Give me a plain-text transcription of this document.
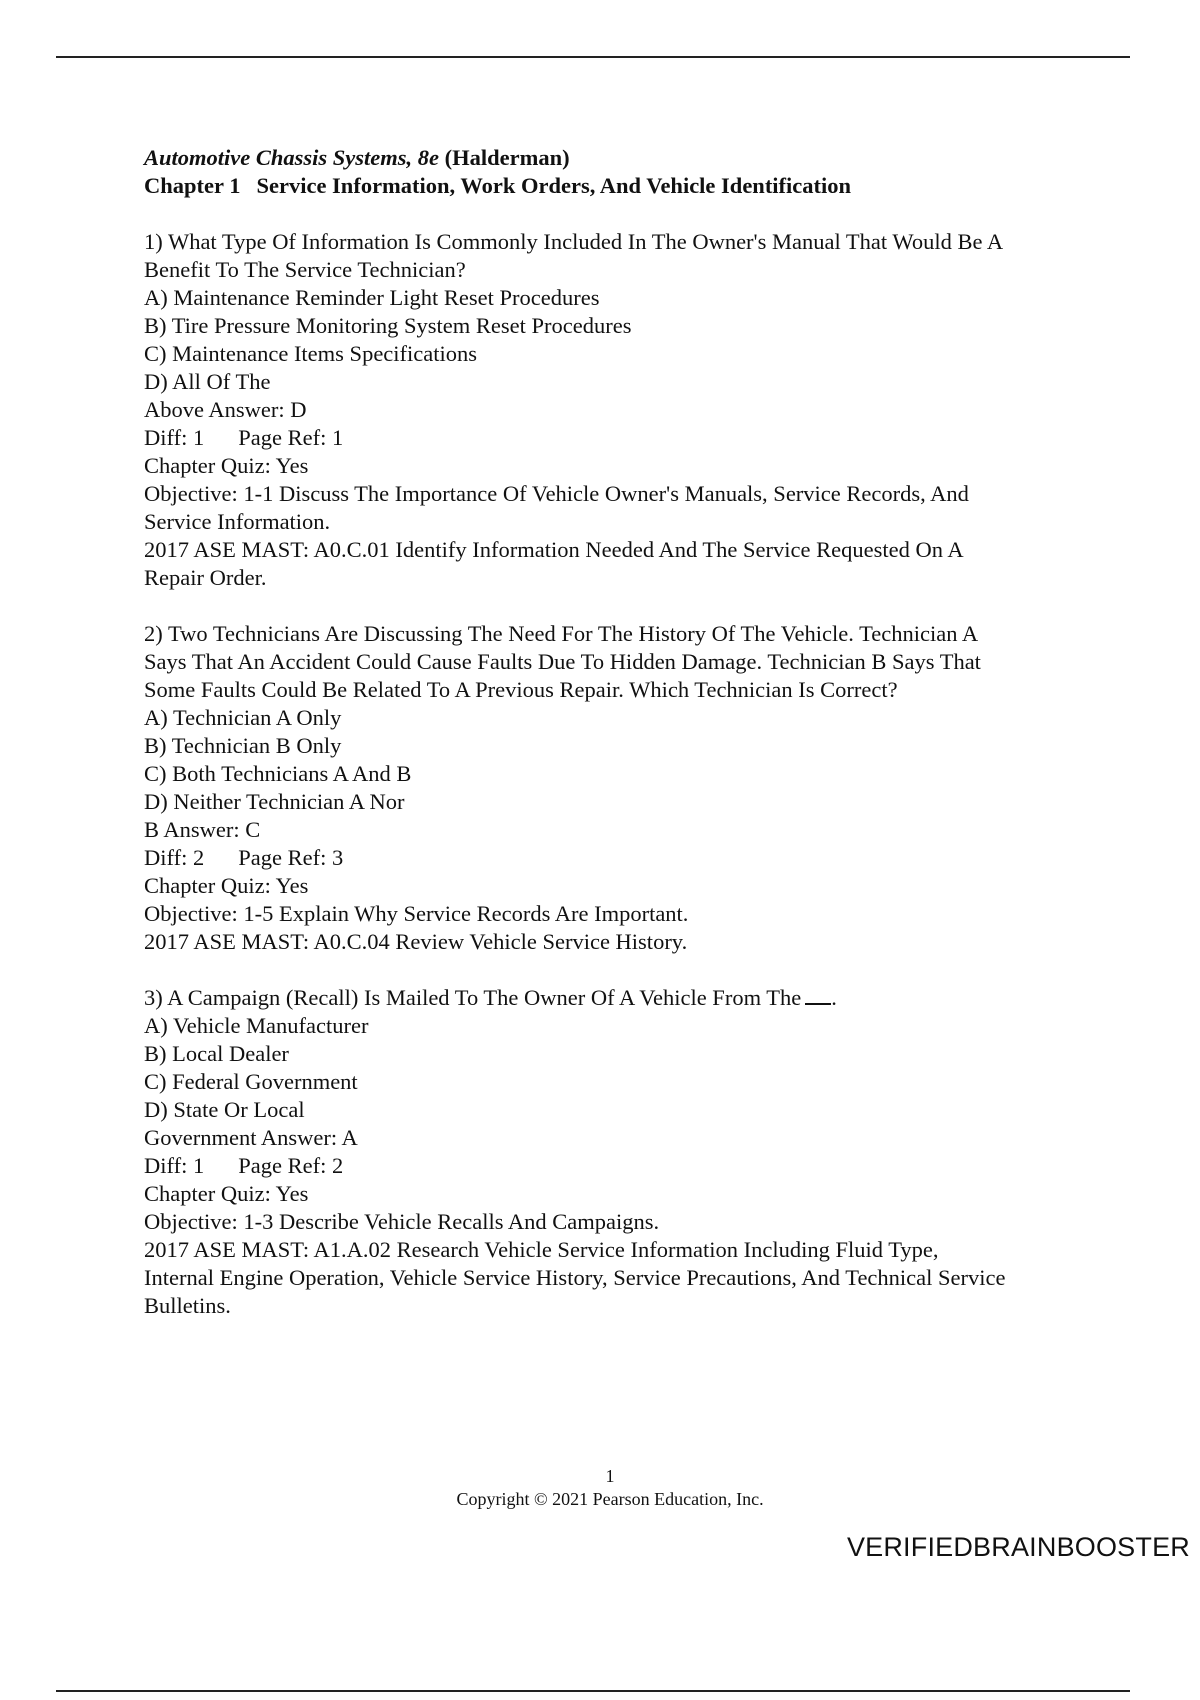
Automotive Chassis Systems, 8e (Halderman)
Chapter 1 Service Information, Work Orders, And Vehicle Identification
1) What Type Of Information Is Commonly Included In The Owner's Manual That Would Be A
Benefit To The Service Technician?
A) Maintenance Reminder Light Reset Procedures
B) Tire Pressure Monitoring System Reset Procedures
C) Maintenance Items Specifications
D) All Of The
Above Answer: D
Diff: 1 Page Ref: 1
Chapter Quiz: Yes
Objective: 1-1 Discuss The Importance Of Vehicle Owner's Manuals, Service Records, And
Service Information.
2017 ASE MAST: A0.C.01 Identify Information Needed And The Service Requested On A
Repair Order.
2) Two Technicians Are Discussing The Need For The History Of The Vehicle. Technician A
Says That An Accident Could Cause Faults Due To Hidden Damage. Technician B Says That
Some Faults Could Be Related To A Previous Repair. Which Technician Is Correct?
A) Technician A Only
B) Technician B Only
C) Both Technicians A And B
D) Neither Technician A Nor
B Answer: C
Diff: 2 Page Ref: 3
Chapter Quiz: Yes
Objective: 1-5 Explain Why Service Records Are Important.
2017 ASE MAST: A0.C.04 Review Vehicle Service History.
3) A Campaign (Recall) Is Mailed To The Owner Of A Vehicle From The .
A) Vehicle Manufacturer
B) Local Dealer
C) Federal Government
D) State Or Local
Government Answer: A
Diff: 1 Page Ref: 2
Chapter Quiz: Yes
Objective: 1-3 Describe Vehicle Recalls And Campaigns.
2017 ASE MAST: A1.A.02 Research Vehicle Service Information Including Fluid Type,
Internal Engine Operation, Vehicle Service History, Service Precautions, And Technical Service
Bulletins.
1
Copyright © 2021 Pearson Education, Inc.
VERIFIEDBRAINBOOSTER
